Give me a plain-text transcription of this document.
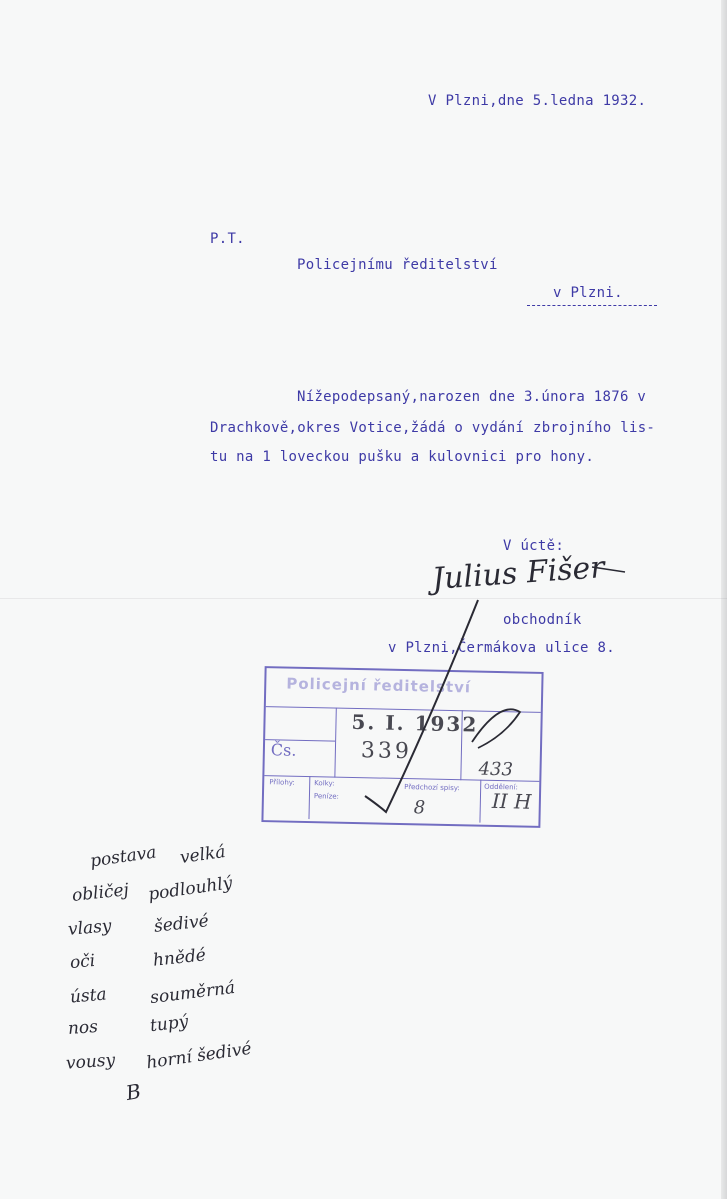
V Plzni,dne 5.ledna 1932.
P.T.
Policejnímu ředitelství
v Plzni.
Nížepodepsaný,narozen dne 3.února 1876 v
Drachkově,okres Votice,žádá o vydání zbrojního lis-
tu na 1 loveckou pušku a kulovnici pro hony.
V úctě:
Julius Fišer
obchodník
v Plzni,Čermákova ulice 8.
Policejní ředitelství
5. I. 1932
339
Čs.
433
Přílohy:	Kolky:
Peníze:
Předchozí spisy:	Oddělení:
II H
8
postava velká
obličej podlouhlý
vlasy šedivé
oči	hnědé
ústa souměrná
nos	tupý
vousy horní šedivé
B
